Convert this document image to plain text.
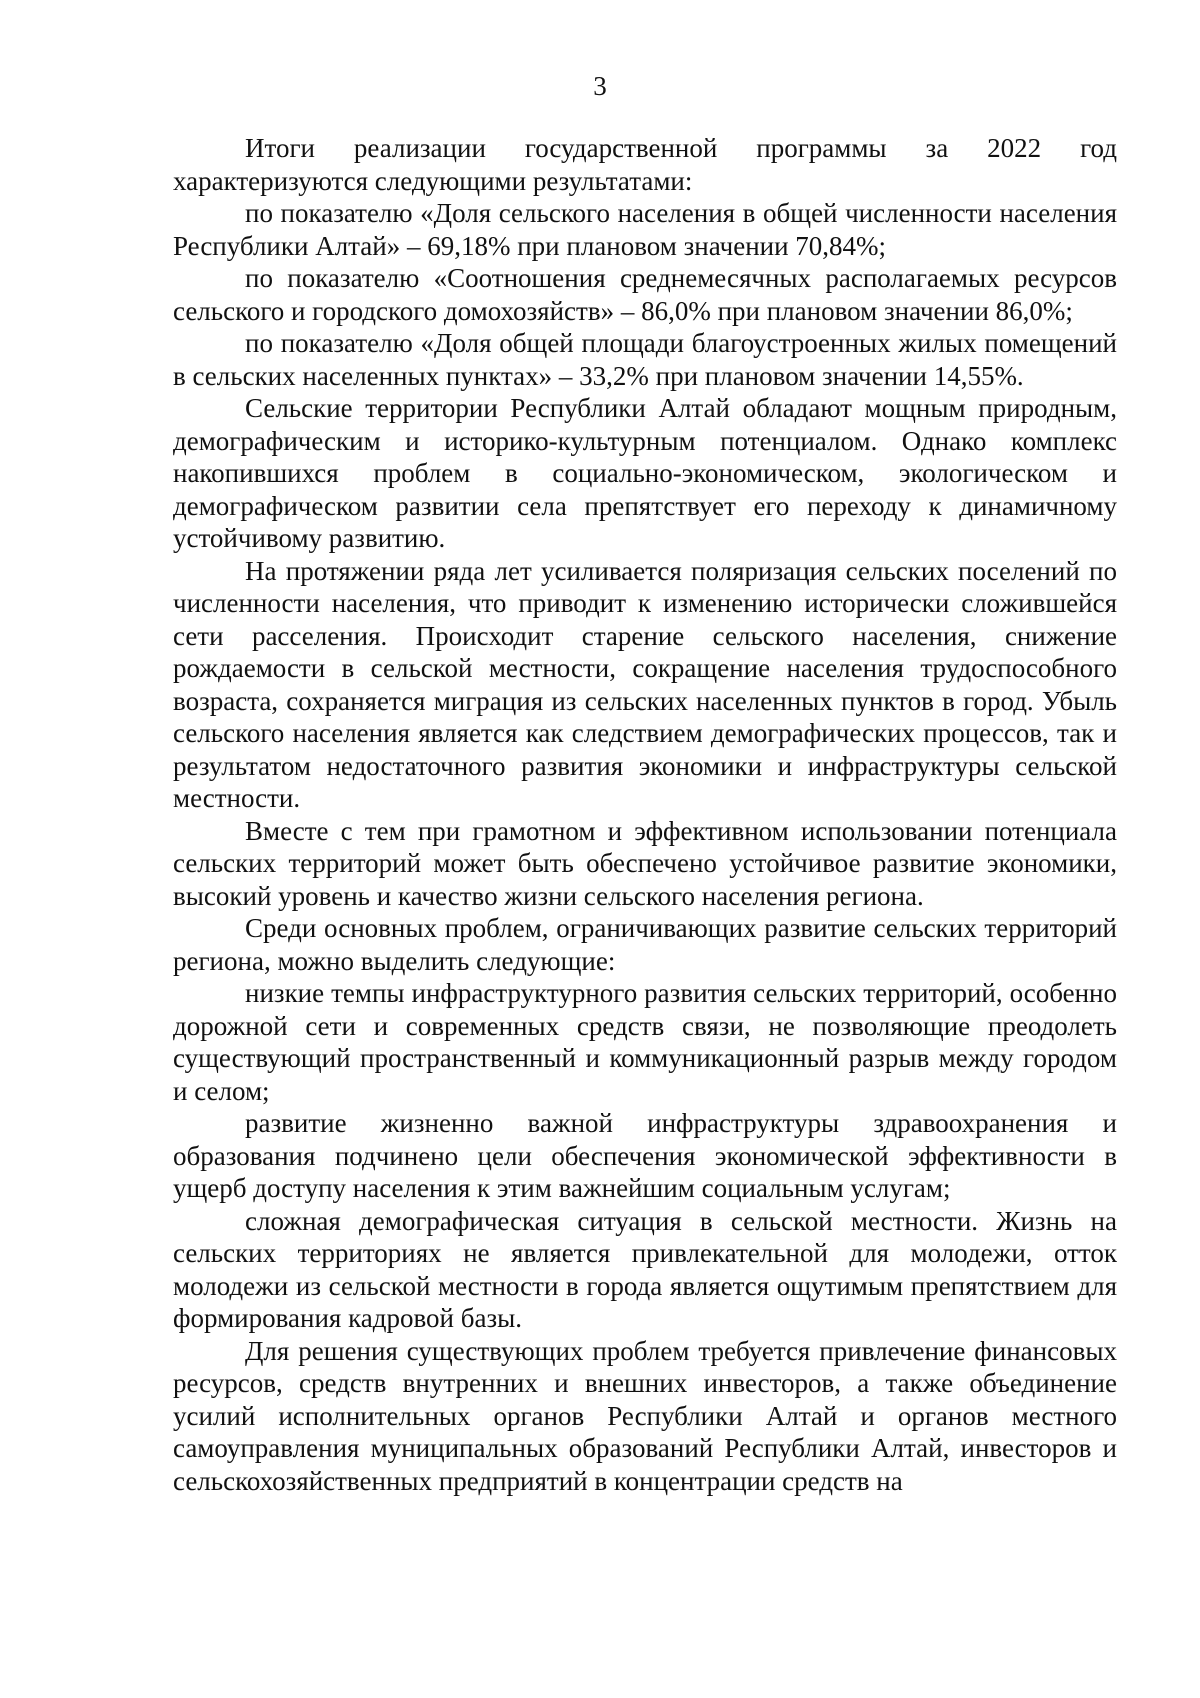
3

Итоги реализации государственной программы за 2022 год характеризуются следующими результатами:

по показателю «Доля сельского населения в общей численности населения Республики Алтай» – 69,18% при плановом значении 70,84%;

по показателю «Соотношения среднемесячных располагаемых ресурсов сельского и городского домохозяйств» – 86,0% при плановом значении 86,0%;

по показателю «Доля общей площади благоустроенных жилых помещений в сельских населенных пунктах» – 33,2% при плановом значении 14,55%.

Сельские территории Республики Алтай обладают мощным природным, демографическим и историко-культурным потенциалом. Однако комплекс накопившихся проблем в социально-экономическом, экологическом и демографическом развитии села препятствует его переходу к динамичному устойчивому развитию.

На протяжении ряда лет усиливается поляризация сельских поселений по численности населения, что приводит к изменению исторически сложившейся сети расселения. Происходит старение сельского населения, снижение рождаемости в сельской местности, сокращение населения трудоспособного возраста, сохраняется миграция из сельских населенных пунктов в город. Убыль сельского населения является как следствием демографических процессов, так и результатом недостаточного развития экономики и инфраструктуры сельской местности.

Вместе с тем при грамотном и эффективном использовании потенциала сельских территорий может быть обеспечено устойчивое развитие экономики, высокий уровень и качество жизни сельского населения региона.

Среди основных проблем, ограничивающих развитие сельских территорий региона, можно выделить следующие:

низкие темпы инфраструктурного развития сельских территорий, особенно дорожной сети и современных средств связи, не позволяющие преодолеть существующий пространственный и коммуникационный разрыв между городом и селом;

развитие жизненно важной инфраструктуры здравоохранения и образования подчинено цели обеспечения экономической эффективности в ущерб доступу населения к этим важнейшим социальным услугам;

сложная демографическая ситуация в сельской местности. Жизнь на сельских территориях не является привлекательной для молодежи, отток молодежи из сельской местности в города является ощутимым препятствием для формирования кадровой базы.

Для решения существующих проблем требуется привлечение финансовых ресурсов, средств внутренних и внешних инвесторов, а также объединение усилий исполнительных органов Республики Алтай и органов местного самоуправления муниципальных образований Республики Алтай, инвесторов и сельскохозяйственных предприятий в концентрации средств на
